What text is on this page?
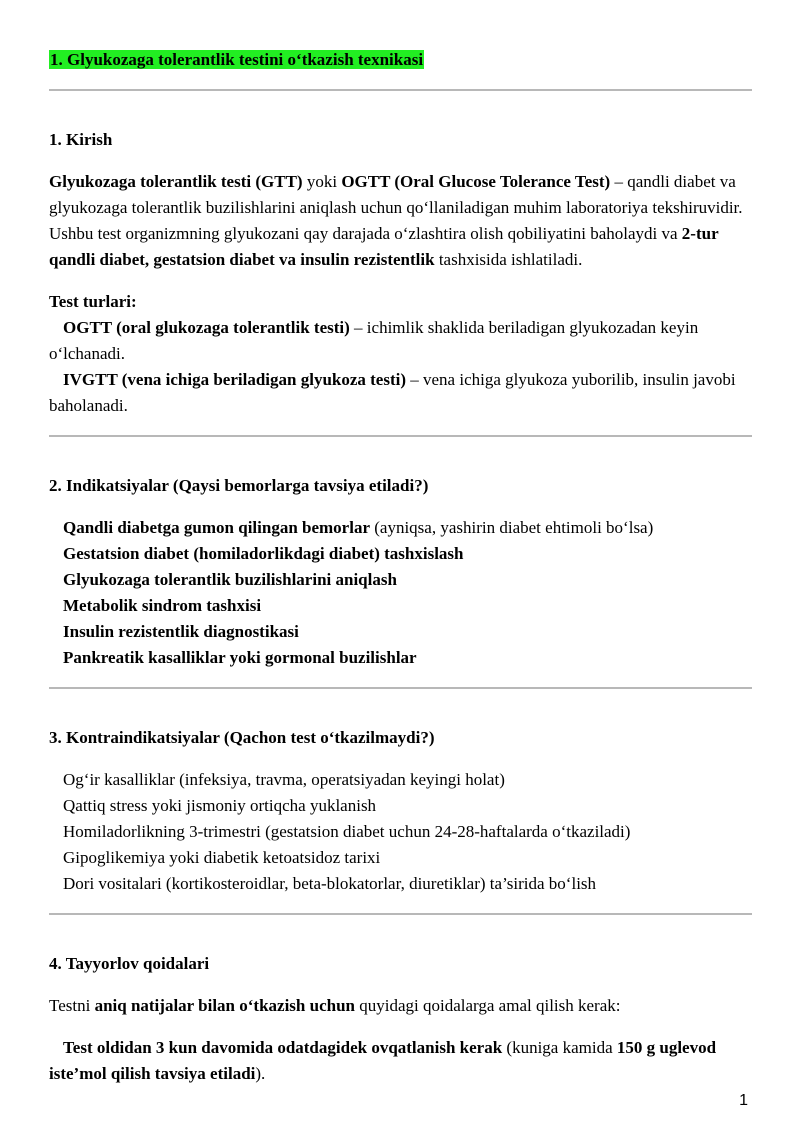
1. Glyukozaga tolerantlik testini o‘tkazish texnikasi

1. Kirish

Glyukozaga tolerantlik testi (GTT) yoki OGTT (Oral Glucose Tolerance Test) – qandli diabet va glyukozaga tolerantlik buzilishlarini aniqlash uchun qo‘llaniladigan muhim laboratoriya tekshiruvidir. Ushbu test organizmning glyukozani qay darajada o‘zlashtira olish qobiliyatini baholaydi va 2-tur qandli diabet, gestatsion diabet va insulin rezistentlik tashxisida ishlatiladi.

Test turlari:

OGTT (oral glukozaga tolerantlik testi) – ichimlik shaklida beriladigan glyukozadan keyin o‘lchanadi.

IVGTT (vena ichiga beriladigan glyukoza testi) – vena ichiga glyukoza yuborilib, insulin javobi baholanadi.

2. Indikatsiyalar (Qaysi bemorlarga tavsiya etiladi?)

Qandli diabetga gumon qilingan bemorlar (ayniqsa, yashirin diabet ehtimoli bo‘lsa)

Gestatsion diabet (homiladorlikdagi diabet) tashxislash

Glyukozaga tolerantlik buzilishlarini aniqlash

Metabolik sindrom tashxisi

Insulin rezistentlik diagnostikasi

Pankreatik kasalliklar yoki gormonal buzilishlar

3. Kontraindikatsiyalar (Qachon test o‘tkazilmaydi?)

Og‘ir kasalliklar (infeksiya, travma, operatsiyadan keyingi holat)

Qattiq stress yoki jismoniy ortiqcha yuklanish

Homiladorlikning 3-trimestri (gestatsion diabet uchun 24-28-haftalarda o‘tkaziladi)

Gipoglikemiya yoki diabetik ketoatsidoz tarixi

Dori vositalari (kortikosteroidlar, beta-blokatorlar, diuretiklar) ta’sirida bo‘lish

4. Tayyorlov qoidalari

Testni aniq natijalar bilan o‘tkazish uchun quyidagi qoidalarga amal qilish kerak:

Test oldidan 3 kun davomida odatdagidek ovqatlanish kerak (kuniga kamida 150 g uglevod iste’mol qilish tavsiya etiladi).

1
